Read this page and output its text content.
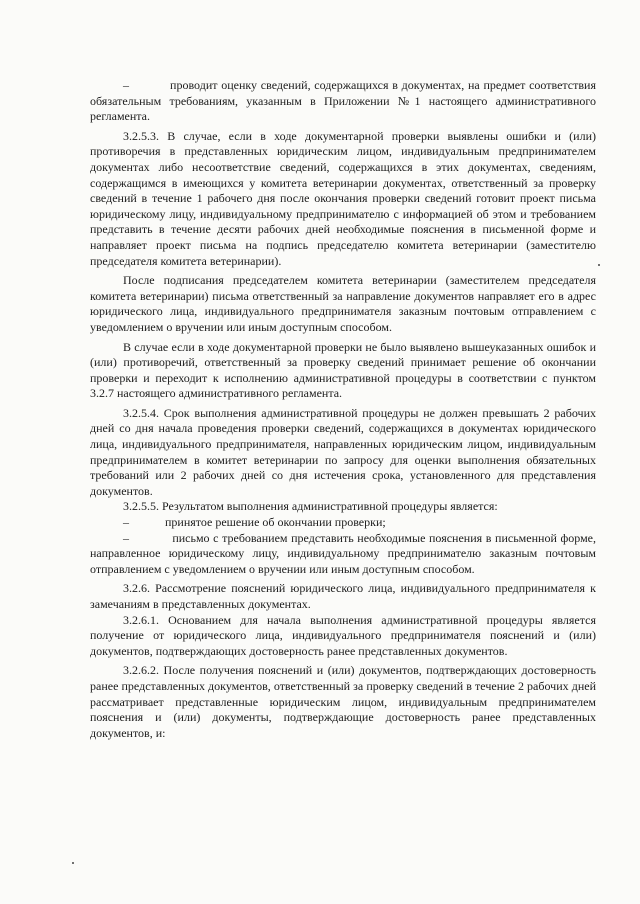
–           проводит оценку сведений, содержащихся в документах, на предмет соответствия обязательным требованиям, указанным в Приложении №1 настоящего административного регламента.

3.2.5.3. В случае, если в ходе документарной проверки выявлены ошибки и (или) противоречия в представленных юридическим лицом, индивидуальным предпринимателем документах либо несоответствие сведений, содержащихся в этих документах, сведениям, содержащимся в имеющихся у комитета ветеринарии документах, ответственный за проверку сведений в течение 1 рабочего дня после окончания проверки сведений готовит проект письма юридическому лицу, индивидуальному предпринимателю с информацией об этом и требованием представить в течение десяти рабочих дней необходимые пояснения в письменной форме и направляет проект письма на подпись председателю комитета ветеринарии (заместителю председателя комитета ветеринарии).

После подписания председателем комитета ветеринарии (заместителем председателя комитета ветеринарии) письма ответственный за направление документов направляет его в адрес юридического лица, индивидуального предпринимателя заказным почтовым отправлением с уведомлением о вручении или иным доступным способом.

В случае если в ходе документарной проверки не было выявлено вышеуказанных ошибок и (или) противоречий, ответственный за проверку сведений принимает решение об окончании проверки и переходит к исполнению административной процедуры в соответствии с пунктом 3.2.7 настоящего административного регламента.

3.2.5.4. Срок выполнения административной процедуры не должен превышать 2 рабочих дней со дня начала проведения проверки сведений, содержащихся в документах юридического лица, индивидуального предпринимателя, направленных юридическим лицом, индивидуальным предпринимателем в комитет ветеринарии по запросу для оценки выполнения обязательных требований или 2 рабочих дней со дня истечения срока, установленного для представления документов.

3.2.5.5. Результатом выполнения административной процедуры является:

–            принятое решение об окончании проверки;

–            письмо с требованием представить необходимые пояснения в письменной форме, направленное юридическому лицу, индивидуальному предпринимателю заказным почтовым отправлением с уведомлением о вручении или иным доступным способом.

3.2.6. Рассмотрение пояснений юридического лица, индивидуального предпринимателя к замечаниям в представленных документах.

3.2.6.1. Основанием для начала выполнения административной процедуры является получение от юридического лица, индивидуального предпринимателя пояснений и (или) документов, подтверждающих достоверность ранее представленных документов.

3.2.6.2. После получения пояснений и (или) документов, подтверждающих достоверность ранее представленных документов, ответственный за проверку сведений в течение 2 рабочих дней рассматривает представленные юридическим лицом, индивидуальным предпринимателем пояснения и (или) документы, подтверждающие достоверность ранее представленных документов, и:
